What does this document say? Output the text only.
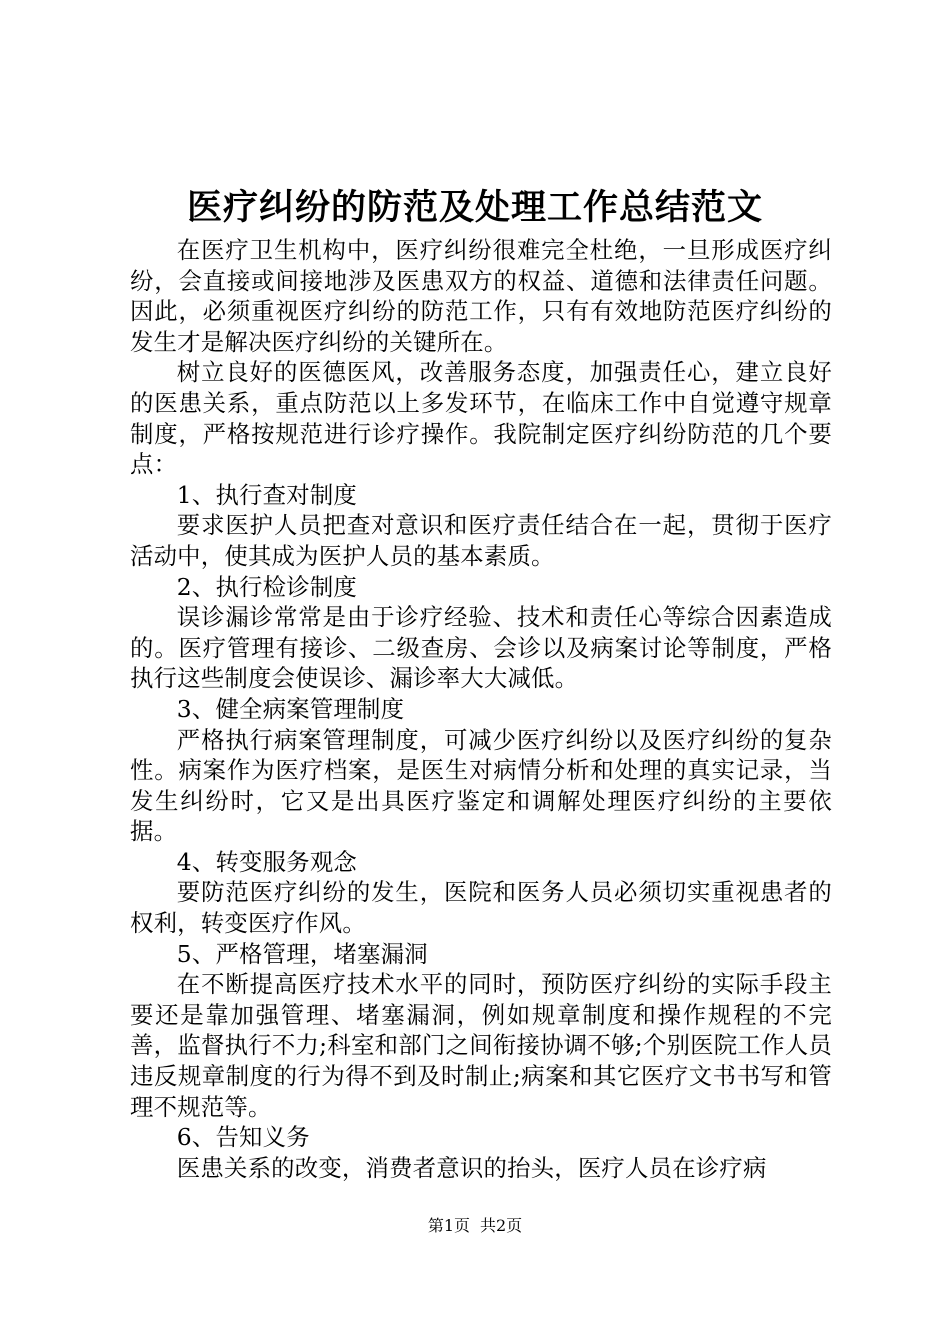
医疗纠纷的防范及处理工作总结范文

在医疗卫生机构中，医疗纠纷很难完全杜绝，一旦形成医疗纠纷，会直接或间接地涉及医患双方的权益、道德和法律责任问题。因此，必须重视医疗纠纷的防范工作，只有有效地防范医疗纠纷的发生才是解决医疗纠纷的关键所在。

树立良好的医德医风，改善服务态度，加强责任心，建立良好的医患关系，重点防范以上多发环节，在临床工作中自觉遵守规章制度，严格按规范进行诊疗操作。我院制定医疗纠纷防范的几个要点：

1、执行查对制度

要求医护人员把查对意识和医疗责任结合在一起，贯彻于医疗活动中，使其成为医护人员的基本素质。

2、执行检诊制度

误诊漏诊常常是由于诊疗经验、技术和责任心等综合因素造成的。医疗管理有接诊、二级查房、会诊以及病案讨论等制度，严格执行这些制度会使误诊、漏诊率大大减低。

3、健全病案管理制度

严格执行病案管理制度，可减少医疗纠纷以及医疗纠纷的复杂性。病案作为医疗档案，是医生对病情分析和处理的真实记录，当发生纠纷时，它又是出具医疗鉴定和调解处理医疗纠纷的主要依据。

4、转变服务观念

要防范医疗纠纷的发生，医院和医务人员必须切实重视患者的权利，转变医疗作风。

5、严格管理，堵塞漏洞

在不断提高医疗技术水平的同时，预防医疗纠纷的实际手段主要还是靠加强管理、堵塞漏洞，例如规章制度和操作规程的不完善，监督执行不力;科室和部门之间衔接协调不够;个别医院工作人员违反规章制度的行为得不到及时制止;病案和其它医疗文书书写和管理不规范等。

6、告知义务

医患关系的改变，消费者意识的抬头，医疗人员在诊疗病

第1页 共2页
